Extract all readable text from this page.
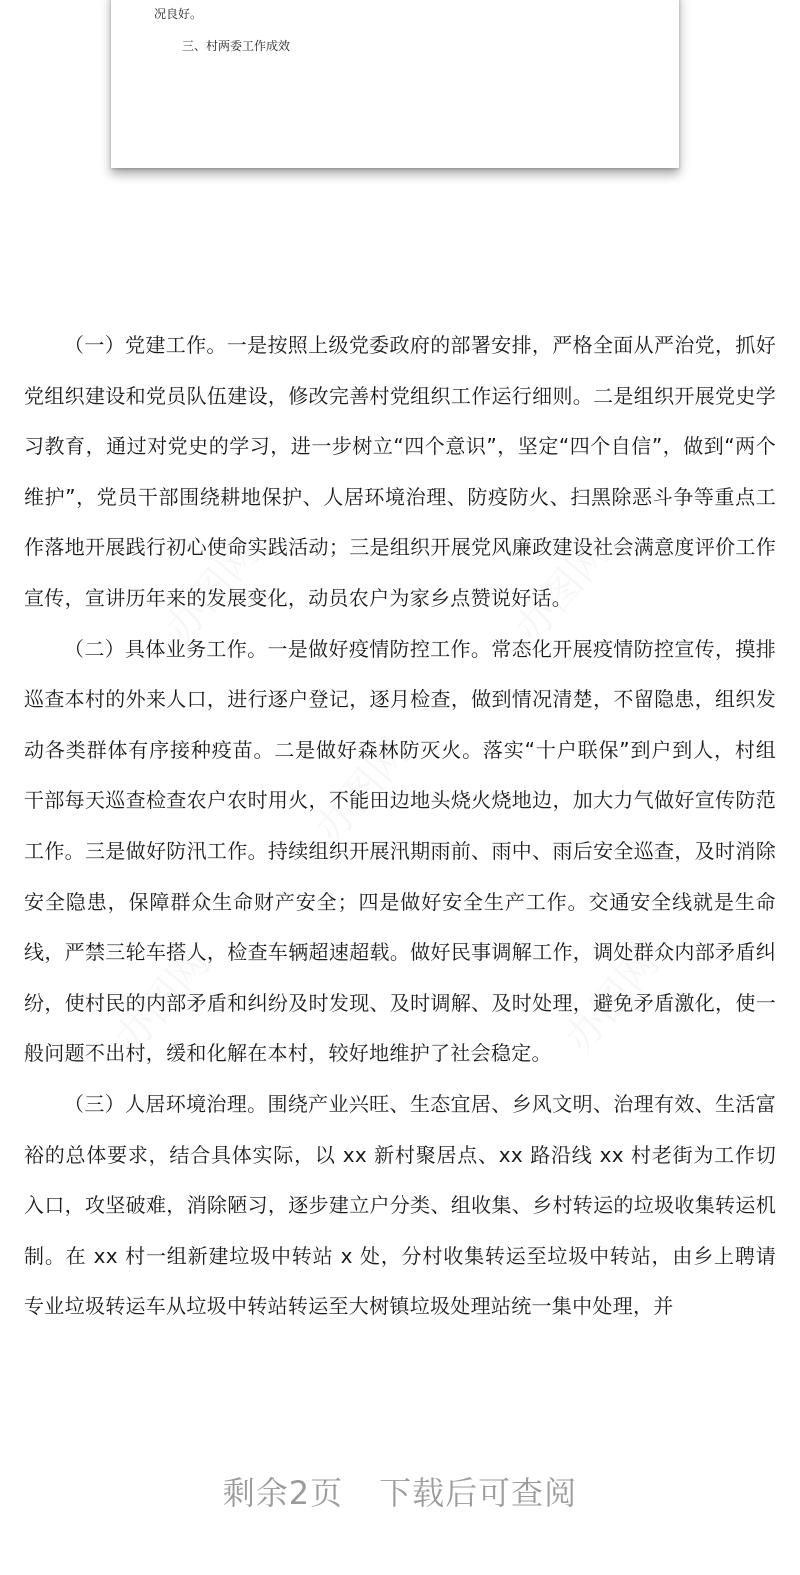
况良好。
三、村两委工作成效

（一）党建工作。一是按照上级党委政府的部署安排，严格全面从严治党，抓好党组织建设和党员队伍建设，修改完善村党组织工作运行细则。二是组织开展党史学习教育，通过对党史的学习，进一步树立“四个意识”，坚定“四个自信”，做到“两个维护”，党员干部围绕耕地保护、人居环境治理、防疫防火、扫黑除恶斗争等重点工作落地开展践行初心使命实践活动；三是组织开展党风廉政建设社会满意度评价工作宣传，宣讲历年来的发展变化，动员农户为家乡点赞说好话。

（二）具体业务工作。一是做好疫情防控工作。常态化开展疫情防控宣传，摸排巡查本村的外来人口，进行逐户登记，逐月检查，做到情况清楚，不留隐患，组织发动各类群体有序接种疫苗。二是做好森林防灭火。落实“十户联保”到户到人，村组干部每天巡查检查农户农时用火，不能田边地头烧火烧地边，加大力气做好宣传防范工作。三是做好防汛工作。持续组织开展汛期雨前、雨中、雨后安全巡查，及时消除安全隐患，保障群众生命财产安全；四是做好安全生产工作。交通安全线就是生命线，严禁三轮车搭人，检查车辆超速超载。做好民事调解工作，调处群众内部矛盾纠纷，使村民的内部矛盾和纠纷及时发现、及时调解、及时处理，避免矛盾激化，使一般问题不出村，缓和化解在本村，较好地维护了社会稳定。

（三）人居环境治理。围绕产业兴旺、生态宜居、乡风文明、治理有效、生活富裕的总体要求，结合具体实际，以 xx 新村聚居点、xx 路沿线 xx 村老街为工作切入口，攻坚破难，消除陋习，逐步建立户分类、组收集、乡村转运的垃圾收集转运机制。在 xx 村一组新建垃圾中转站 x 处，分村收集转运至垃圾中转站，由乡上聘请专业垃圾转运车从垃圾中转站转运至大树镇垃圾处理站统一集中处理，并

剩余2页 下载后可查阅
